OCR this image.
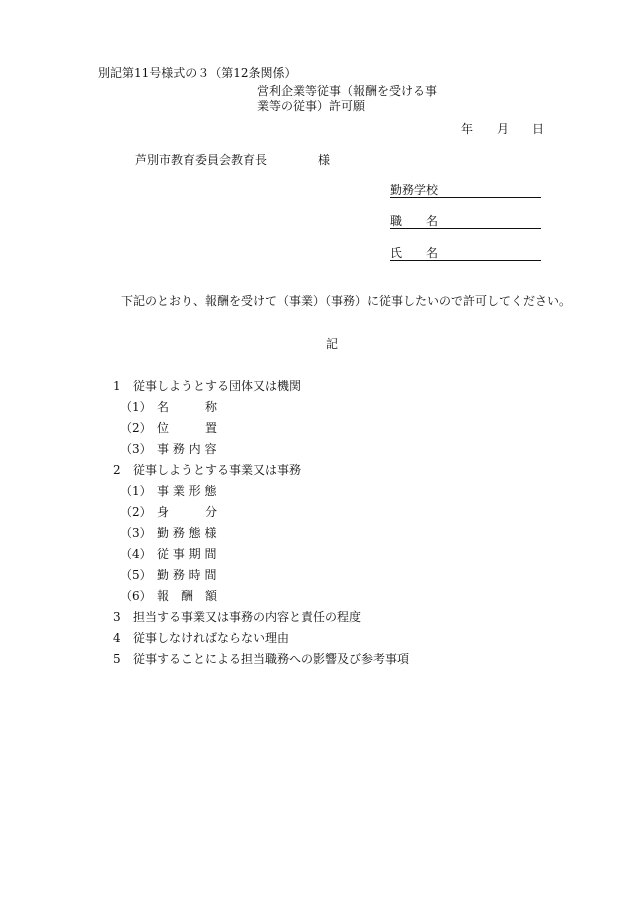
別記第11号様式の３（第12条関係）
営利企業等従事（報酬を受ける事
業等の従事）許可願
年 月 日
芦別市教育委員会教育長	様
勤務学校
職　　名
氏　　名
下記のとおり、報酬を受けて（事業）（事務）に従事したいので許可してください。
記
1 従事しようとする団体又は機関
（1） 名　　　称
（2） 位　　　置
（3） 事 務 内 容
2 従事しようとする事業又は事務
（1） 事 業 形 態
（2） 身　　　分
（3） 勤 務 態 様
（4） 従 事 期 間
（5） 勤 務 時 間
（6） 報　酬　額
3 担当する事業又は事務の内容と責任の程度
4 従事しなければならない理由
5 従事することによる担当職務への影響及び参考事項
